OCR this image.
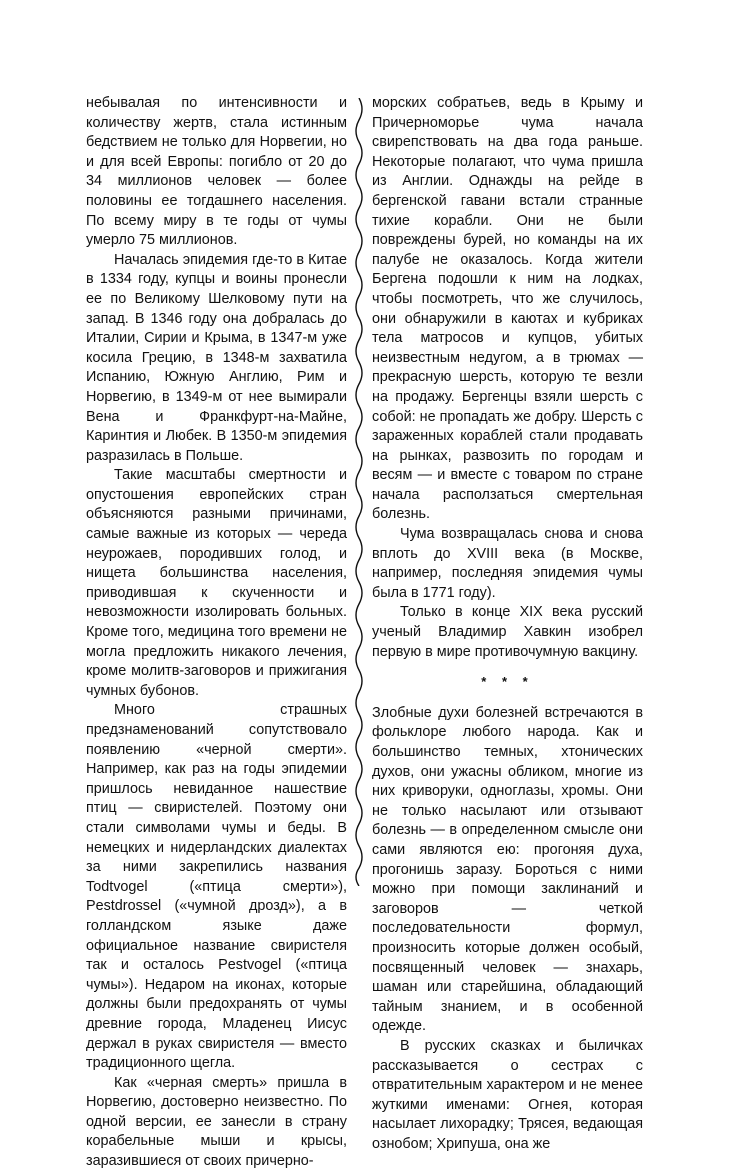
небывалая по интенсивности и количеству жертв, стала истинным бедствием не только для Норвегии, но и для всей Европы: погибло от 20 до 34 миллионов человек — более половины ее тогдашнего населения. По всему миру в те годы от чумы умерло 75 миллионов.

Началась эпидемия где-то в Китае в 1334 году, купцы и воины пронесли ее по Великому Шелковому пути на запад. В 1346 году она добралась до Италии, Сирии и Крыма, в 1347-м уже косила Грецию, в 1348-м захватила Испанию, Южную Англию, Рим и Норвегию, в 1349-м от нее вымирали Вена и Франкфурт-на-Майне, Каринтия и Любек. В 1350-м эпидемия разразилась в Польше.

Такие масштабы смертности и опустошения европейских стран объясняются разными причинами, самые важные из которых — череда неурожаев, породивших голод, и нищета большинства населения, приводившая к скученности и невозможности изолировать больных. Кроме того, медицина того времени не могла предложить никакого лечения, кроме молитв-заговоров и прижигания чумных бубонов.

Много страшных предзнаменований сопутствовало появлению «черной смерти». Например, как раз на годы эпидемии пришлось невиданное нашествие птиц — свиристелей. Поэтому они стали символами чумы и беды. В немецких и нидерландских диалектах за ними закрепились названия Todtvogel («птица смерти»), Pestdrossel («чумной дрозд»), а в голландском языке даже официальное название свиристеля так и осталось Pestvogel («птица чумы»). Недаром на иконах, которые должны были предохранять от чумы древние города, Младенец Иисус держал в руках свиристеля — вместо традиционного щегла.

Как «черная смерть» пришла в Норвегию, достоверно неизвестно. По одной версии, ее занесли в страну корабельные мыши и крысы, заразившиеся от своих причерно-

морских собратьев, ведь в Крыму и Причерноморье чума начала свирепствовать на два года раньше. Некоторые полагают, что чума пришла из Англии. Однажды на рейде в бергенской гавани встали странные тихие корабли. Они не были повреждены бурей, но команды на их палубе не оказалось. Когда жители Бергена подошли к ним на лодках, чтобы посмотреть, что же случилось, они обнаружили в каютах и кубриках тела матросов и купцов, убитых неизвестным недугом, а в трюмах — прекрасную шерсть, которую те везли на продажу. Бергенцы взяли шерсть с собой: не пропадать же добру. Шерсть с зараженных кораблей стали продавать на рынках, развозить по городам и весям — и вместе с товаром по стране начала расползаться смертельная болезнь.

Чума возвращалась снова и снова вплоть до XVIII века (в Москве, например, последняя эпидемия чумы была в 1771 году).

Только в конце XIX века русский ученый Владимир Хавкин изобрел первую в мире противочумную вакцину.

* * *

Злобные духи болезней встречаются в фольклоре любого народа. Как и большинство темных, хтонических духов, они ужасны обликом, многие из них криворуки, одноглазы, хромы. Они не только насылают или отзывают болезнь — в определенном смысле они сами являются ею: прогоняя духа, прогонишь заразу. Бороться с ними можно при помощи заклинаний и заговоров — четкой последовательности формул, произносить которые должен особый, посвященный человек — знахарь, шаман или старейшина, обладающий тайным знанием, и в особенной одежде.

В русских сказках и быличках рассказывается о сестрах с отвратительным характером и не менее жуткими именами: Огнея, которая насылает лихорадку; Трясея, ведающая ознобом; Хрипуша, она же
